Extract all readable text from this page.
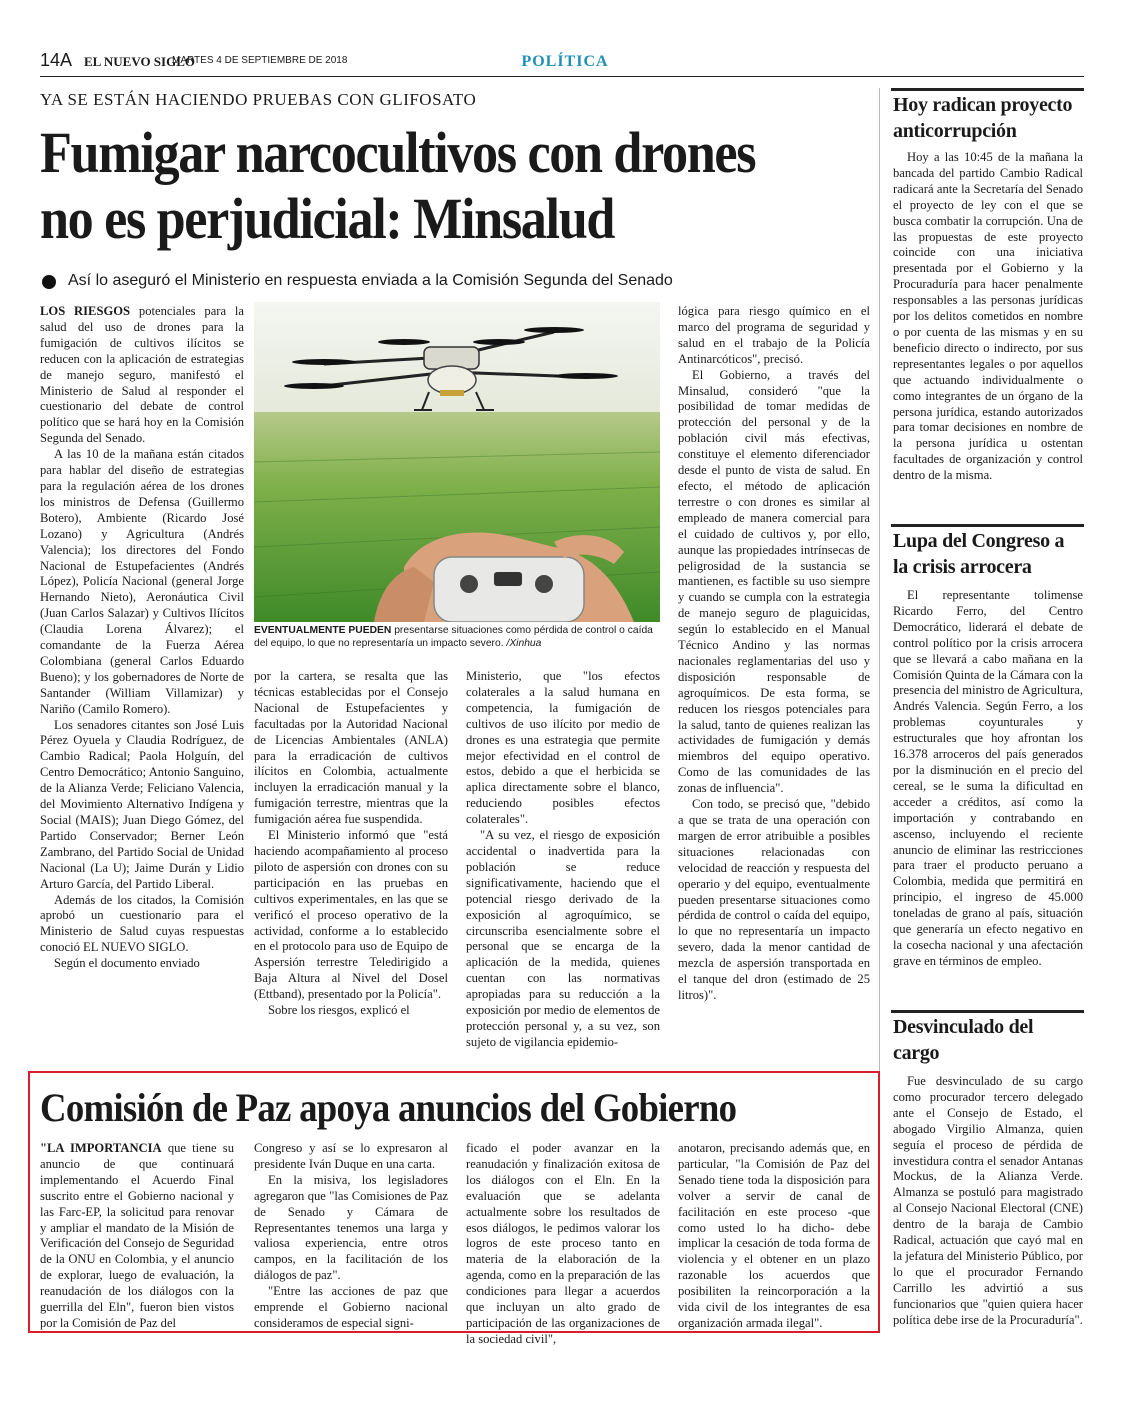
14A EL NUEVO SIGLO
MARTES 4 DE SEPTIEMBRE DE 2018	POLÍTICA
YA SE ESTÁN HACIENDO PRUEBAS CON GLIFOSATO
Fumigar narcocultivos con drones no es perjudicial: Minsalud
Así lo aseguró el Ministerio en respuesta enviada a la Comisión Segunda del Senado

LOS RIESGOS potenciales para la salud del uso de drones para la fumigación de cultivos ilícitos se reducen con la aplicación de estrategias de manejo seguro, manifestó el Ministerio de Salud al responder el cuestionario del debate de control político que se hará hoy en la Comisión Segunda del Senado.

A las 10 de la mañana están citados para hablar del diseño de estrategias para la regulación aérea de los drones los ministros de Defensa (Guillermo Botero), Ambiente (Ricardo José Lozano) y Agricultura (Andrés Valencia); los directores del Fondo Nacional de Estupefacientes (Andrés López), Policía Nacional (general Jorge Hernando Nieto), Aeronáutica Civil (Juan Carlos Salazar) y Cultivos Ilícitos (Claudia Lorena Álvarez); el comandante de la Fuerza Aérea Colombiana (general Carlos Eduardo Bueno); y los gobernadores de Norte de Santander (William Villamizar) y Nariño (Camilo Romero).

Los senadores citantes son José Luis Pérez Oyuela y Claudia Rodríguez, de Cambio Radical; Paola Holguín, del Centro Democrático; Antonio Sanguino, de la Alianza Verde; Feliciano Valencia, del Movimiento Alternativo Indígena y Social (MAIS); Juan Diego Gómez, del Partido Conservador; Berner León Zambrano, del Partido Social de Unidad Nacional (La U); Jaime Durán y Lidio Arturo García, del Partido Liberal.

Además de los citados, la Comisión aprobó un cuestionario para el Ministerio de Salud cuyas respuestas conoció EL NUEVO SIGLO.

Según el documento enviado

EVENTUALMENTE PUEDEN presentarse situaciones como pérdida de control o caída del equipo, lo que no representaría un impacto severo. /Xinhua

por la cartera, se resalta que las técnicas establecidas por el Consejo Nacional de Estupefacientes y facultadas por la Autoridad Nacional de Licencias Ambientales (ANLA) para la erradicación de cultivos ilícitos en Colombia, actualmente incluyen la erradicación manual y la fumigación terrestre, mientras que la fumigación aérea fue suspendida.

El Ministerio informó que "está haciendo acompañamiento al proceso piloto de aspersión con drones con su participación en las pruebas en cultivos experimentales, en las que se verificó el proceso operativo de la actividad, conforme a lo establecido en el protocolo para uso de Equipo de Aspersión terrestre Teledirigido a Baja Altura al Nivel del Dosel (Ettband), presentado por la Policía".

Sobre los riesgos, explicó el

Ministerio, que "los efectos colaterales a la salud humana en competencia, la fumigación de cultivos de uso ilícito por medio de drones es una estrategia que permite mejor efectividad en el control de estos, debido a que el herbicida se aplica directamente sobre el blanco, reduciendo posibles efectos colaterales".

"A su vez, el riesgo de exposición accidental o inadvertida para la población se reduce significativamente, haciendo que el potencial riesgo derivado de la exposición al agroquímico, se circunscriba esencialmente sobre el personal que se encarga de la aplicación de la medida, quienes cuentan con las normativas apropiadas para su reducción a la exposición por medio de elementos de protección personal y, a su vez, son sujeto de vigilancia epidemio-

lógica para riesgo químico en el marco del programa de seguridad y salud en el trabajo de la Policía Antinarcóticos", precisó.

El Gobierno, a través del Minsalud, consideró "que la posibilidad de tomar medidas de protección del personal y de la población civil más efectivas, constituye el elemento diferenciador desde el punto de vista de salud. En efecto, el método de aplicación terrestre o con drones es similar al empleado de manera comercial para el cuidado de cultivos y, por ello, aunque las propiedades intrínsecas de peligrosidad de la sustancia se mantienen, es factible su uso siempre y cuando se cumpla con la estrategia de manejo seguro de plaguicidas, según lo establecido en el Manual Técnico Andino y las normas nacionales reglamentarias del uso y disposición responsable de agroquímicos. De esta forma, se reducen los riesgos potenciales para la salud, tanto de quienes realizan las actividades de fumigación y demás miembros del equipo operativo. Como de las comunidades de las zonas de influencia".

Con todo, se precisó que, "debido a que se trata de una operación con margen de error atribuible a posibles situaciones relacionadas con velocidad de reacción y respuesta del operario y del equipo, eventualmente pueden presentarse situaciones como pérdida de control o caída del equipo, lo que no representaría un impacto severo, dada la menor cantidad de mezcla de aspersión transportada en el tanque del dron (estimado de 25 litros)".

Hoy radican proyecto anticorrupción

Hoy a las 10:45 de la mañana la bancada del partido Cambio Radical radicará ante la Secretaría del Senado el proyecto de ley con el que se busca combatir la corrupción. Una de las propuestas de este proyecto coincide con una iniciativa presentada por el Gobierno y la Procuraduría para hacer penalmente responsables a las personas jurídicas por los delitos cometidos en nombre o por cuenta de las mismas y en su beneficio directo o indirecto, por sus representantes legales o por aquellos que actuando individualmente o como integrantes de un órgano de la persona jurídica, estando autorizados para tomar decisiones en nombre de la persona jurídica u ostentan facultades de organización y control dentro de la misma.

Lupa del Congreso a la crisis arrocera

El representante tolimense Ricardo Ferro, del Centro Democrático, liderará el debate de control político por la crisis arrocera que se llevará a cabo mañana en la Comisión Quinta de la Cámara con la presencia del ministro de Agricultura, Andrés Valencia. Según Ferro, a los problemas coyunturales y estructurales que hoy afrontan los 16.378 arroceros del país generados por la disminución en el precio del cereal, se le suma la dificultad en acceder a créditos, así como la importación y contrabando en ascenso, incluyendo el reciente anuncio de eliminar las restricciones para traer el producto peruano a Colombia, medida que permitirá en principio, el ingreso de 45.000 toneladas de grano al país, situación que generaría un efecto negativo en la cosecha nacional y una afectación grave en términos de empleo.

Desvinculado del cargo

Fue desvinculado de su cargo como procurador tercero delegado ante el Consejo de Estado, el abogado Virgilio Almanza, quien seguía el proceso de pérdida de investidura contra el senador Antanas Mockus, de la Alianza Verde. Almanza se postuló para magistrado al Consejo Nacional Electoral (CNE) dentro de la baraja de Cambio Radical, actuación que cayó mal en la jefatura del Ministerio Público, por lo que el procurador Fernando Carrillo les advirtió a sus funcionarios que "quien quiera hacer política debe irse de la Procuraduría".

Comisión de Paz apoya anuncios del Gobierno

"LA IMPORTANCIA que tiene su anuncio de que continuará implementando el Acuerdo Final suscrito entre el Gobierno nacional y las Farc-EP, la solicitud para renovar y ampliar el mandato de la Misión de Verificación del Consejo de Seguridad de la ONU en Colombia, y el anuncio de explorar, luego de evaluación, la reanudación de los diálogos con la guerrilla del Eln", fueron bien vistos por la Comisión de Paz del

Congreso y así se lo expresaron al presidente Iván Duque en una carta.

En la misiva, los legisladores agregaron que "las Comisiones de Paz de Senado y Cámara de Representantes tenemos una larga y valiosa experiencia, entre otros campos, en la facilitación de los diálogos de paz".

"Entre las acciones de paz que emprende el Gobierno nacional consideramos de especial signi-

ficado el poder avanzar en la reanudación y finalización exitosa de los diálogos con el Eln. En la evaluación que se adelanta actualmente sobre los resultados de esos diálogos, le pedimos valorar los logros de este proceso tanto en materia de la elaboración de la agenda, como en la preparación de las condiciones para llegar a acuerdos que incluyan un alto grado de participación de las organizaciones de la sociedad civil",

anotaron, precisando además que, en particular, "la Comisión de Paz del Senado tiene toda la disposición para volver a servir de canal de facilitación en este proceso -que como usted lo ha dicho- debe implicar la cesación de toda forma de violencia y el obtener en un plazo razonable los acuerdos que posibiliten la reincorporación a la vida civil de los integrantes de esa organización armada ilegal".
